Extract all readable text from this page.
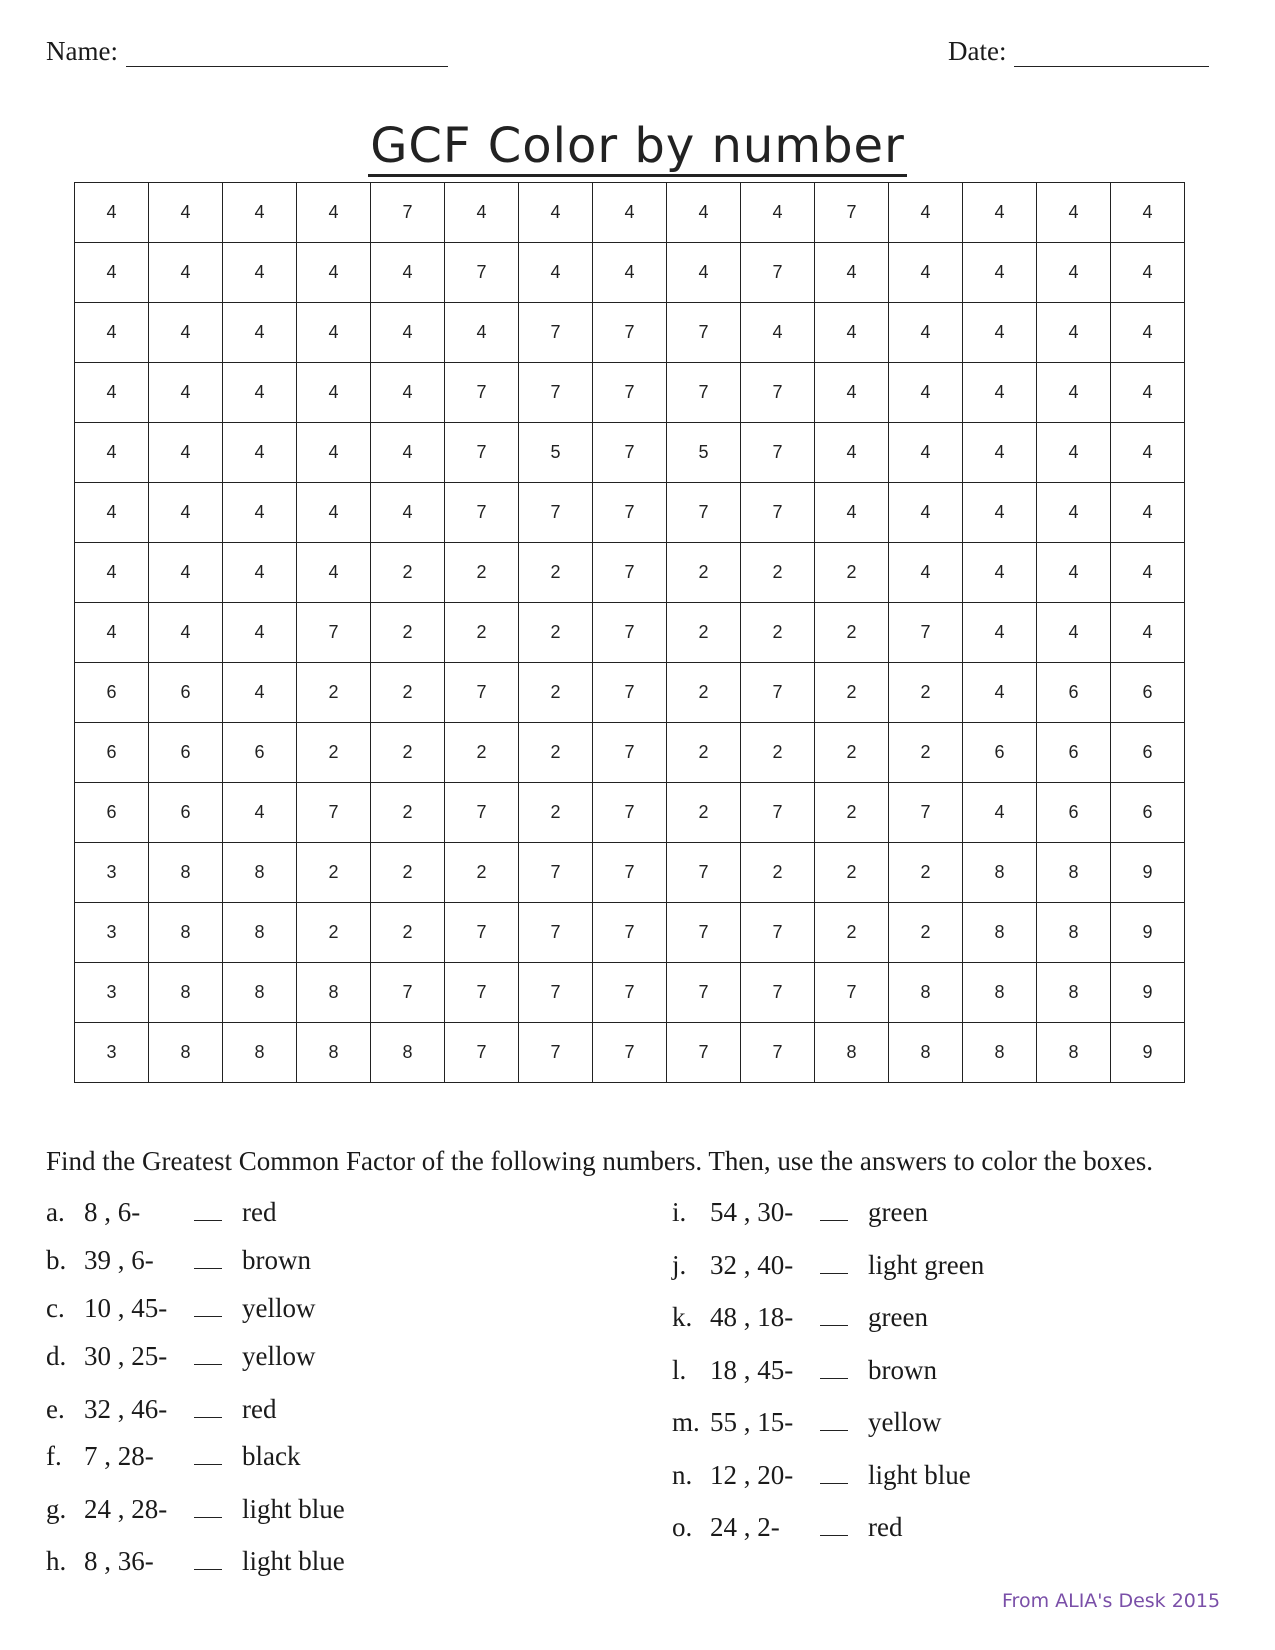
Name:	Date:
GCF Color by number
4	4	4	4	7	4	4	4	4	4	7	4	4	4	4
4	4	4	4	4	7	4	4	4	7	4	4	4	4	4
4	4	4	4	4	4	7	7	7	4	4	4	4	4	4
4	4	4	4	4	7	7	7	7	7	4	4	4	4	4
4	4	4	4	4	7	5	7	5	7	4	4	4	4	4
4	4	4	4	4	7	7	7	7	7	4	4	4	4	4
4	4	4	4	2	2	2	7	2	2	2	4	4	4	4
4	4	4	7	2	2	2	7	2	2	2	7	4	4	4
6	6	4	2	2	7	2	7	2	7	2	2	4	6	6
6	6	6	2	2	2	2	7	2	2	2	2	6	6	6
6	6	4	7	2	7	2	7	2	7	2	7	4	6	6
3	8	8	2	2	2	7	7	7	2	2	2	8	8	9
3	8	8	2	2	7	7	7	7	7	2	2	8	8	9
3	8	8	8	7	7	7	7	7	7	7	8	8	8	9
3	8	8	8	8	7	7	7	7	7	8	8	8	8	9
Find the Greatest Common Factor of the following numbers. Then, use the answers to color the boxes.
a. 8 , 6-	red
b. 39 , 6-	brown
c. 10 , 45-	yellow
d. 30 , 25-	yellow
e. 32 , 46-	red
f. 7 , 28-	black
g. 24 , 28-	light blue
h. 8 , 36-	light blue
i. 54 , 30-	green
j. 32 , 40-	light green
k. 48 , 18-	green
l. 18 , 45-	brown
m. 55 , 15-	yellow
n. 12 , 20-	light blue
o. 24 , 2-	red
From ALIA's Desk 2015
